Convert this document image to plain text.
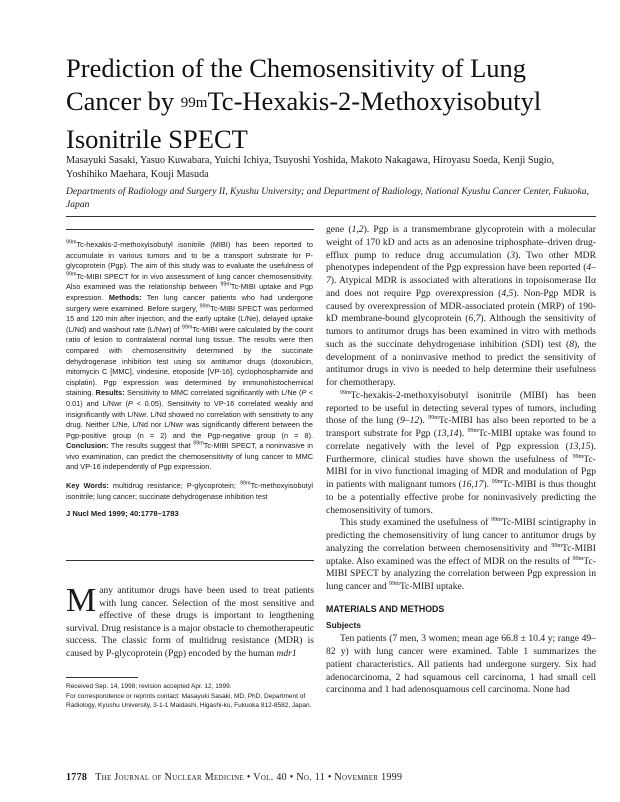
Prediction of the Chemosensitivity of Lung Cancer by $^{99m}$Tc-Hexakis-2-Methoxyisobutyl Isonitrile SPECT
Masayuki Sasaki, Yasuo Kuwabara, Yuichi Ichiya, Tsuyoshi Yoshida, Makoto Nakagawa, Hiroyasu Soeda, Kenji Sugio, Yoshihiko Maehara, Kouji Masuda
Departments of Radiology and Surgery II, Kyushu University; and Department of Radiology, National Kyushu Cancer Center, Fukuoka, Japan

$^{99m}$Tc-hexakis-2-methoxyisobutyl isonitrile (MIBI) has been reported to accumulate in various tumors and to be a transport substrate for P-glycoprotein (Pgp). The aim of this study was to evaluate the usefulness of $^{99m}$Tc-MIBI SPECT for in vivo assessment of lung cancer chemosensitivity. Also examined was the relationship between $^{99m}$Tc-MIBI uptake and Pgp expression. Methods: Ten lung cancer patients who had undergone surgery were examined. Before surgery, $^{99m}$Tc-MIBI SPECT was performed 15 and 120 min after injection, and the early uptake (L/Ne), delayed uptake (L/Nd) and washout rate (L/Nwr) of $^{99m}$Tc-MIBI were calculated by the count ratio of lesion to contralateral normal lung tissue. The results were then compared with chemosensitivity determined by the succinate dehydrogenase inhibition test using six antitumor drugs (doxorubicin, mitomycin C [MMC], vindesine, etoposide [VP-16], cyclophosphamide and cisplatin). Pgp expression was determined by immunohistochemical staining. Results: Sensitivity to MMC correlated significantly with L/Ne (P < 0.01) and L/Nwr (P < 0.05). Sensitivity to VP-16 correlated weakly and insignificantly with L/Nwr. L/Nd showed no correlation with sensitivity to any drug. Neither L/Ne, L/Nd nor L/Nwr was significantly different between the Pgp-positive group (n = 2) and the Pgp-negative group (n = 8). Conclusion: The results suggest that $^{99m}$Tc-MIBI SPECT, a noninvasive in vivo examination, can predict the chemosensitivity of lung cancer to MMC and VP-16 independently of Pgp expression.

Key Words: multidrug resistance; P-glycoprotein; $^{99m}$Tc-methoxyisobutyl isonitrile; lung cancer; succinate dehydrogenase inhibition test

J Nucl Med 1999; 40:1778–1783

Many antitumor drugs have been used to treat patients with lung cancer. Selection of the most sensitive and effective of these drugs is important to lengthening survival. Drug resistance is a major obstacle to chemotherapeutic success. The classic form of multidrug resistance (MDR) is caused by P-glycoprotein (Pgp) encoded by the human mdr1

Received Sep. 14, 1998; revision accepted Apr. 12, 1999.

For correspondence or reprints contact: Masayuki Sasaki, MD, PhD, Department of Radiology, Kyushu University, 3-1-1 Maidashi, Higashi-ku, Fukuoka 812-8582, Japan.

gene (1,2). Pgp is a transmembrane glycoprotein with a molecular weight of 170 kD and acts as an adenosine triphosphate–driven drug-efflux pump to reduce drug accumulation (3). Two other MDR phenotypes independent of the Pgp expression have been reported (4–7). Atypical MDR is associated with alterations in topoisomerase IIα and does not require Pgp overexpression (4,5). Non-Pgp MDR is caused by overexpression of MDR-associated protein (MRP) of 190-kD membrane-bound glycoprotein (6,7). Although the sensitivity of tumors to antitumor drugs has been examined in vitro with methods such as the succinate dehydrogenase inhibition (SDI) test (8), the development of a noninvasive method to predict the sensitivity of antitumor drugs in vivo is needed to help determine their usefulness for chemotherapy.

$^{99m}$Tc-hexakis-2-methoxyisobutyl isonitrile (MIBI) has been reported to be useful in detecting several types of tumors, including those of the lung (9–12). $^{99m}$Tc-MIBI has also been reported to be a transport substrate for Pgp (13,14). $^{99m}$Tc-MIBI uptake was found to correlate negatively with the level of Pgp expression (13,15). Furthermore, clinical studies have shown the usefulness of $^{99m}$Tc-MIBI for in vivo functional imaging of MDR and modulation of Pgp in patients with malignant tumors (16,17). $^{99m}$Tc-MIBI is thus thought to be a potentially effective probe for noninvasively predicting the chemosensitivity of tumors.

This study examined the usefulness of $^{99m}$Tc-MIBI scintigraphy in predicting the chemosensitivity of lung cancer to antitumor drugs by analyzing the correlation between chemosensitivity and $^{99m}$Tc-MIBI uptake. Also examined was the effect of MDR on the results of $^{99m}$Tc-MIBI SPECT by analyzing the correlation between Pgp expression in lung cancer and $^{99m}$Tc-MIBI uptake.

MATERIALS AND METHODS
Subjects

Ten patients (7 men, 3 women; mean age 66.8 ± 10.4 y; range 49–82 y) with lung cancer were examined. Table 1 summarizes the patient characteristics. All patients had undergone surgery. Six had adenocarcinoma, 2 had squamous cell carcinoma, 1 had small cell carcinoma and 1 had adenosquamous cell carcinoma. None had

1778 The Journal of Nuclear Medicine • Vol. 40 • No. 11 • November 1999
